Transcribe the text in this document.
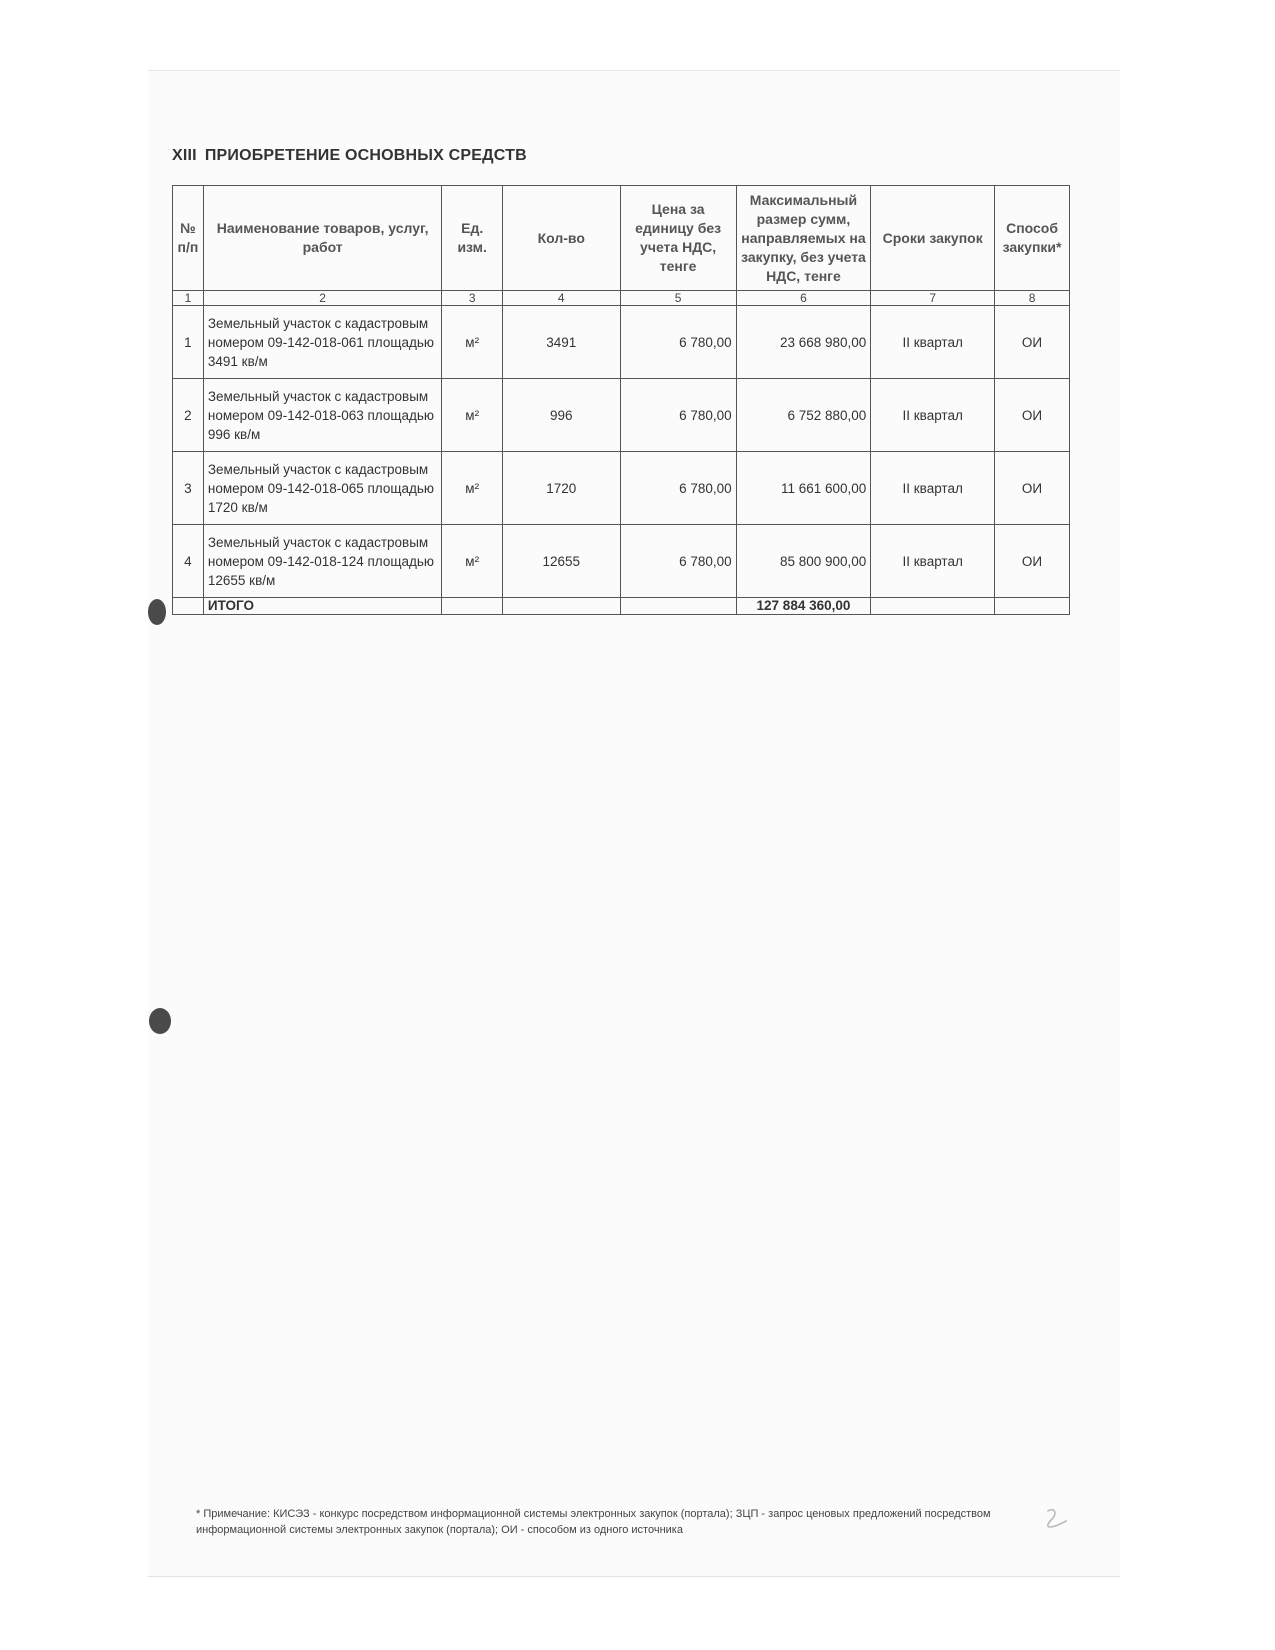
XIII ПРИОБРЕТЕНИЕ ОСНОВНЫХ СРЕДСТВ
№ п/п	Наименование товаров, услуг, работ	Ед. изм.	Кол-во	Цена за единицу без учета НДС, тенге	Максимальный размер сумм, направляемых на закупку, без учета НДС, тенге	Сроки закупок	Способ закупки*
1	2	3	4	5	6	7	8
1	Земельный участок с кадастровым номером 09-142-018-061 площадью 3491 кв/м	м²	3491	6 780,00	23 668 980,00	II квартал	ОИ
2	Земельный участок с кадастровым номером 09-142-018-063 площадью 996 кв/м	м²	996	6 780,00	6 752 880,00	II квартал	ОИ
3	Земельный участок с кадастровым номером 09-142-018-065 площадью 1720 кв/м	м²	1720	6 780,00	11 661 600,00	II квартал	ОИ
4	Земельный участок с кадастровым номером 09-142-018-124 площадью 12655 кв/м	м²	12655	6 780,00	85 800 900,00	II квартал	ОИ
	ИТОГО				127 884 360,00		
* Примечание: КИСЭЗ - конкурс посредством информационной системы электронных закупок (портала); ЗЦП - запрос ценовых предложений посредством информационной системы электронных закупок (портала); ОИ - способом из одного источника
